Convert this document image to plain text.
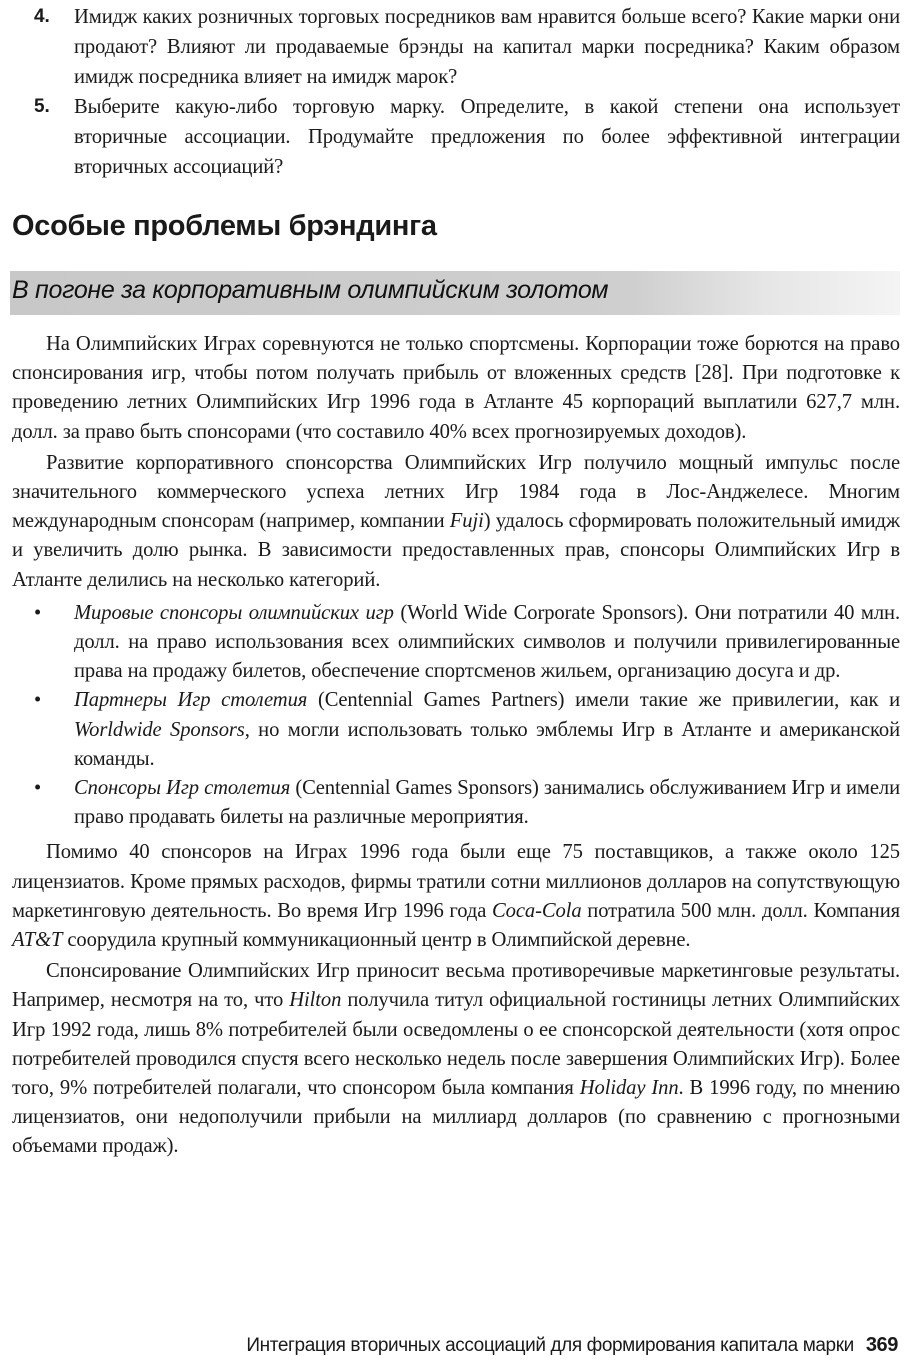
4.	Имидж каких розничных торговых посредников вам нравится больше всего? Какие марки они продают? Влияют ли продаваемые брэнды на капитал марки посредника? Каким образом имидж посредника влияет на имидж марок?
5.	Выберите какую-либо торговую марку. Определите, в какой степени она использует вторичные ассоциации. Продумайте предложения по более эффективной интеграции вторичных ассоциаций?
Особые проблемы брэндинга
В погоне за корпоративным олимпийским золотом

На Олимпийских Играх соревнуются не только спортсмены. Корпорации тоже борются на право спонсирования игр, чтобы потом получать прибыль от вложенных средств [28]. При подготовке к проведению летних Олимпийских Игр 1996 года в Атланте 45 корпораций выплатили 627,7 млн. долл. за право быть спонсорами (что составило 40% всех прогнозируемых доходов).

Развитие корпоративного спонсорства Олимпийских Игр получило мощный импульс после значительного коммерческого успеха летних Игр 1984 года в Лос-Анджелесе. Многим международным спонсорам (например, компании Fuji) удалось сформировать положительный имидж и увеличить долю рынка. В зависимости предоставленных прав, спонсоры Олимпийских Игр в Атланте делились на несколько категорий.

• Мировые спонсоры олимпийских игр (World Wide Corporate Sponsors). Они потратили 40 млн. долл. на право использования всех олимпийских символов и получили привилегированные права на продажу билетов, обеспечение спортсменов жильем, организацию досуга и др.
• Партнеры Игр столетия (Centennial Games Partners) имели такие же привилегии, как и Worldwide Sponsors, но могли использовать только эмблемы Игр в Атланте и американской команды.
• Спонсоры Игр столетия (Centennial Games Sponsors) занимались обслуживанием Игр и имели право продавать билеты на различные мероприятия.

Помимо 40 спонсоров на Играх 1996 года были еще 75 поставщиков, а также около 125 лицензиатов. Кроме прямых расходов, фирмы тратили сотни миллионов долларов на сопутствующую маркетинговую деятельность. Во время Игр 1996 года Coca-Cola потратила 500 млн. долл. Компания AT&T соорудила крупный коммуникационный центр в Олимпийской деревне.

Спонсирование Олимпийских Игр приносит весьма противоречивые маркетинговые результаты. Например, несмотря на то, что Hilton получила титул официальной гостиницы летних Олимпийских Игр 1992 года, лишь 8% потребителей были осведомлены о ее спонсорской деятельности (хотя опрос потребителей проводился спустя всего несколько недель после завершения Олимпийских Игр). Более того, 9% потребителей полагали, что спонсором была компания Holiday Inn. В 1996 году, по мнению лицензиатов, они недополучили прибыли на миллиард долларов (по сравнению с прогнозными объемами продаж).

Интеграция вторичных ассоциаций для формирования капитала марки 369
